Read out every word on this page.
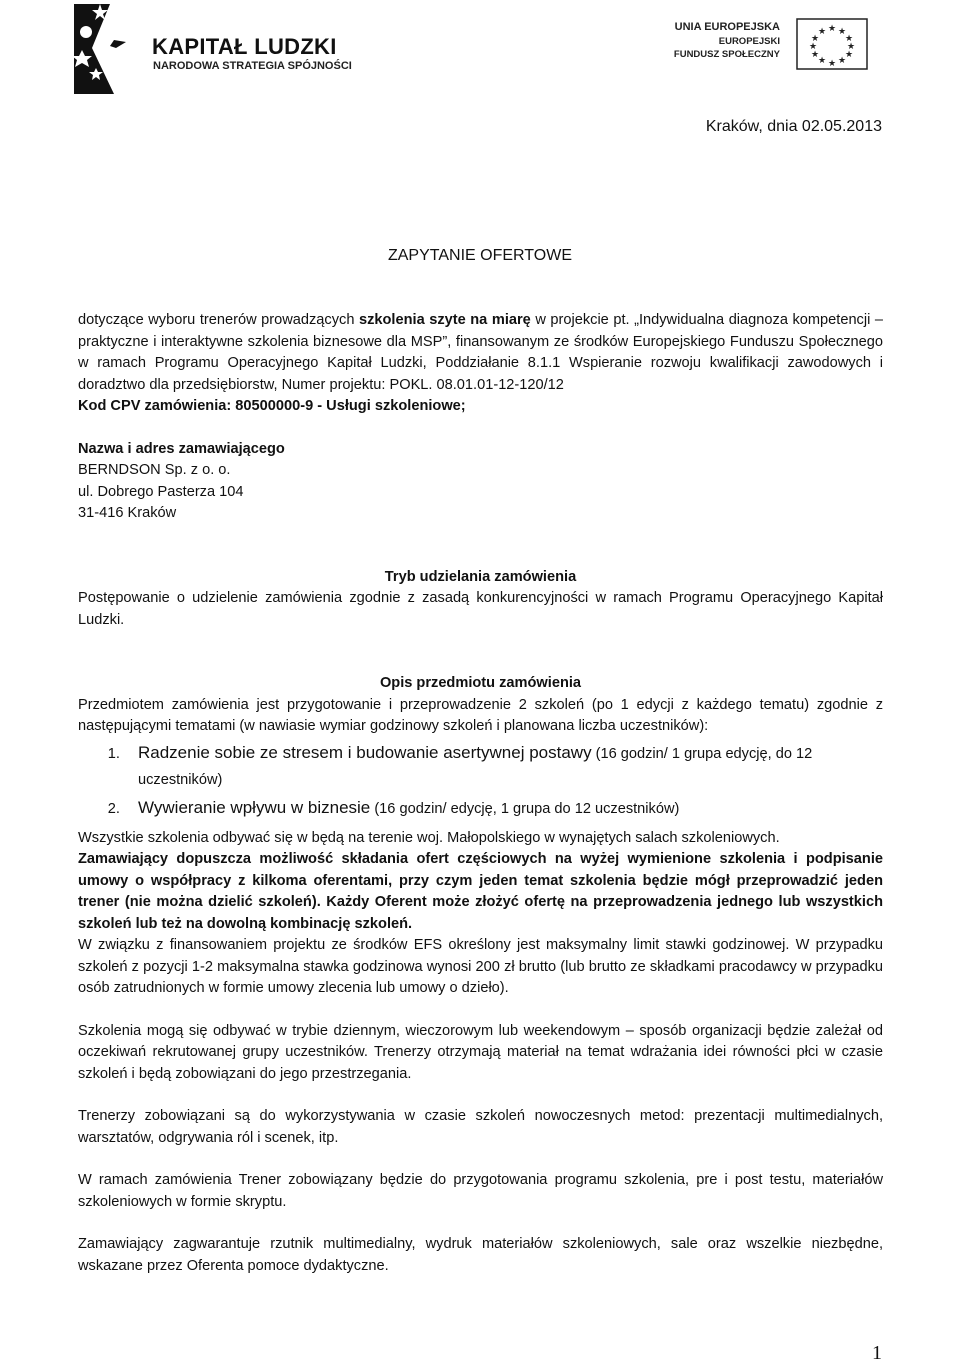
KAPITAŁ LUDZKI
NARODOWA STRATEGIA SPÓJNOŚCI
UNIA EUROPEJSKA
EUROPEJSKI
FUNDUSZ SPOŁECZNY
★ ★
★
★
★
★
★
★
★
★
★
★
Kraków, dnia 02.05.2013
ZAPYTANIE OFERTOWE

dotyczące wyboru trenerów prowadzących szkolenia szyte na miarę w projekcie pt. „Indywidualna diagnoza kompetencji – praktyczne i interaktywne szkolenia biznesowe dla MSP”, finansowanym ze środków Europejskiego Funduszu Społecznego w ramach Programu Operacyjnego Kapitał Ludzki, Poddziałanie 8.1.1 Wspieranie rozwoju kwalifikacji zawodowych i doradztwo dla przedsiębiorstw, Numer projektu: POKL. 08.01.01-12-120/12

Kod CPV zamówienia: 80500000-9 - Usługi szkoleniowe;

Nazwa i adres zamawiającego

BERNDSON Sp. z o. o.

ul. Dobrego Pasterza 104

31-416 Kraków

Tryb udzielania zamówienia

Postępowanie o udzielenie zamówienia zgodnie z zasadą konkurencyjności w ramach Programu Operacyjnego Kapitał Ludzki.

Opis przedmiotu zamówienia

Przedmiotem zamówienia jest przygotowanie i przeprowadzenie 2 szkoleń (po 1 edycji z każdego tematu) zgodnie z następującymi tematami (w nawiasie wymiar godzinowy szkoleń i planowana liczba uczestników):

1. Radzenie sobie ze stresem i budowanie asertywnej postawy (16 godzin/ 1 grupa edycję, do 12 uczestników)
2. Wywieranie wpływu w biznesie (16 godzin/ edycję, 1 grupa do 12 uczestników)

Wszystkie szkolenia odbywać się w będą na terenie woj. Małopolskiego w wynajętych salach szkoleniowych.

Zamawiający dopuszcza możliwość składania ofert częściowych na wyżej wymienione szkolenia i podpisanie umowy o współpracy z kilkoma oferentami, przy czym jeden temat szkolenia będzie mógł przeprowadzić jeden trener (nie można dzielić szkoleń). Każdy Oferent może złożyć ofertę na przeprowadzenia jednego lub wszystkich szkoleń lub też na dowolną kombinację szkoleń.

W związku z finansowaniem projektu ze środków EFS określony jest maksymalny limit stawki godzinowej. W przypadku szkoleń z pozycji 1-2 maksymalna stawka godzinowa wynosi 200 zł brutto (lub brutto ze składkami pracodawcy w przypadku osób zatrudnionych w formie umowy zlecenia lub umowy o dzieło).

Szkolenia mogą się odbywać w trybie dziennym, wieczorowym lub weekendowym – sposób organizacji będzie zależał od oczekiwań rekrutowanej grupy uczestników. Trenerzy otrzymają materiał na temat wdrażania idei równości płci w czasie szkoleń i będą zobowiązani do jego przestrzegania.

Trenerzy zobowiązani są do wykorzystywania w czasie szkoleń nowoczesnych metod: prezentacji multimedialnych, warsztatów, odgrywania ról i scenek, itp.

W ramach zamówienia Trener zobowiązany będzie do przygotowania programu szkolenia, pre i post testu, materiałów szkoleniowych w formie skryptu.

Zamawiający zagwarantuje rzutnik multimedialny, wydruk materiałów szkoleniowych, sale oraz wszelkie niezbędne, wskazane przez Oferenta pomoce dydaktyczne.

1
